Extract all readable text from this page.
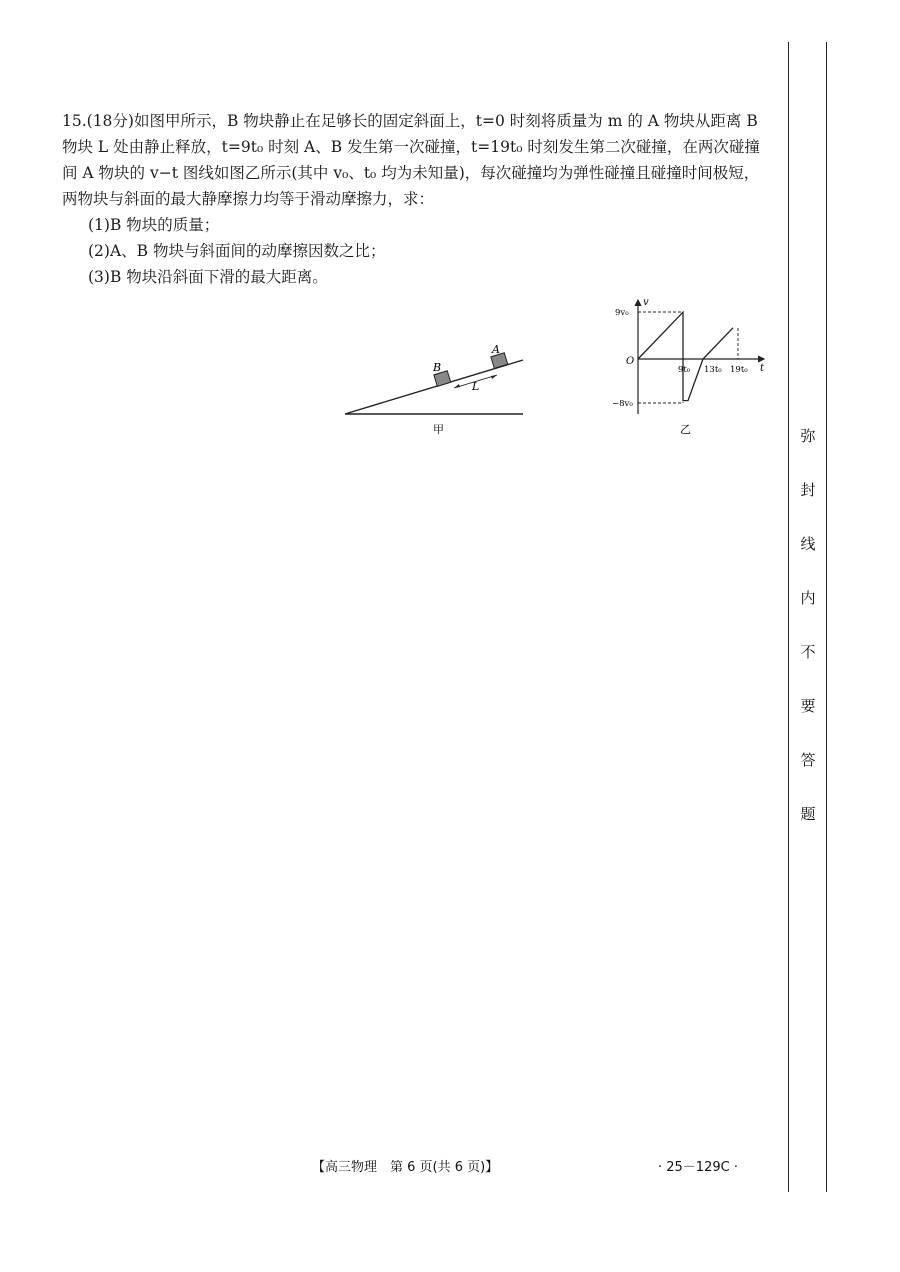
15.(18分)如图甲所示，B 物块静止在足够长的固定斜面上，t=0 时刻将质量为 m 的 A 物块从距离 B 物块 L 处由静止释放，t=9t₀ 时刻 A、B 发生第一次碰撞，t=19t₀ 时刻发生第二次碰撞，在两次碰撞间 A 物块的 v−t 图线如图乙所示(其中 v₀、t₀ 均为未知量)，每次碰撞均为弹性碰撞且碰撞时间极短，两物块与斜面的最大静摩擦力均等于滑动摩擦力，求：

(1)B 物块的质量；

(2)A、B 物块与斜面间的动摩擦因数之比；

(3)B 物块沿斜面下滑的最大距离。

B
A
L
甲
v
t
O
9v₀
−8v₀
9t₀ 13t₀ 19t₀
乙	弥
封
线
内
不
要
答
题
【高三物理　第 6 页(共 6 页)】	· 25－129C ·
